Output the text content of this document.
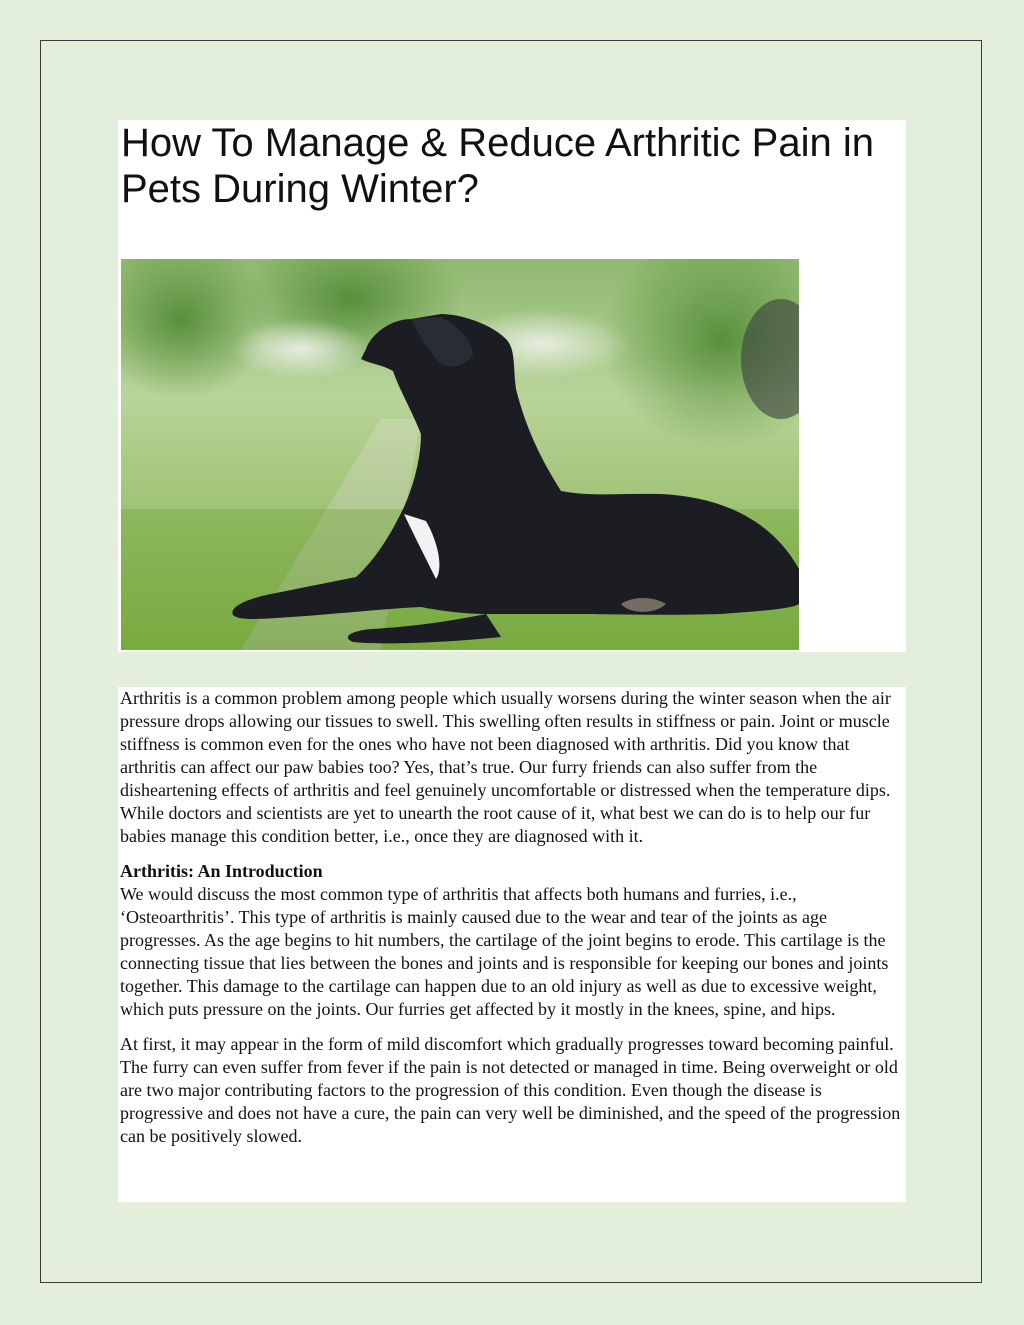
How To Manage & Reduce Arthritic Pain in Pets During Winter?

Arthritis is a common problem among people which usually worsens during the winter season when the air pressure drops allowing our tissues to swell. This swelling often results in stiffness or pain. Joint or muscle stiffness is common even for the ones who have not been diagnosed with arthritis. Did you know that arthritis can affect our paw babies too? Yes, that’s true. Our furry friends can also suffer from the disheartening effects of arthritis and feel genuinely uncomfortable or distressed when the temperature dips. While doctors and scientists are yet to unearth the root cause of it, what best we can do is to help our fur babies manage this condition better, i.e., once they are diagnosed with it.

Arthritis: An Introduction
We would discuss the most common type of arthritis that affects both humans and furries, i.e., ‘Osteoarthritis’. This type of arthritis is mainly caused due to the wear and tear of the joints as age progresses. As the age begins to hit numbers, the cartilage of the joint begins to erode. This cartilage is the connecting tissue that lies between the bones and joints and is responsible for keeping our bones and joints together. This damage to the cartilage can happen due to an old injury as well as due to excessive weight, which puts pressure on the joints. Our furries get affected by it mostly in the knees, spine, and hips.

At first, it may appear in the form of mild discomfort which gradually progresses toward becoming painful. The furry can even suffer from fever if the pain is not detected or managed in time. Being overweight or old are two major contributing factors to the progression of this condition. Even though the disease is progressive and does not have a cure, the pain can very well be diminished, and the speed of the progression can be positively slowed.
